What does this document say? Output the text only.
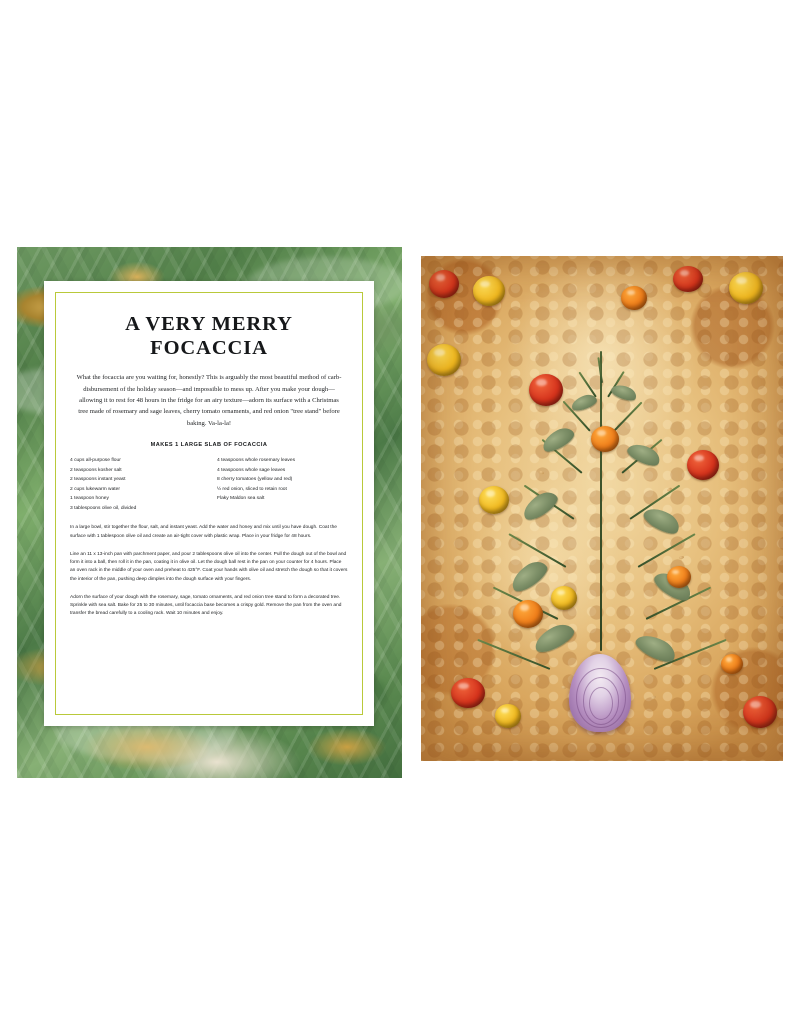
A VERY MERRY
FOCACCIA

What the focaccia are you waiting for, honestly? This is arguably the most beautiful method of carb-disbursement of the holiday season—and impossible to mess up. After you make your dough—allowing it to rest for 48 hours in the fridge for an airy texture—adorn its surface with a Christmas tree made of rosemary and sage leaves, cherry tomato ornaments, and red onion "tree stand" before baking. Va-la-la!

MAKES 1 LARGE SLAB OF FOCACCIA
4 cups all-purpose flour
2 teaspoons kosher salt
2 teaspoons instant yeast
2 cups lukewarm water
1 teaspoon honey
3 tablespoons olive oil, divided
4 teaspoons whole rosemary leaves
4 teaspoons whole sage leaves
8 cherry tomatoes (yellow and red)
½ red onion, sliced to retain root
Flaky Maldon sea salt

In a large bowl, stir together the flour, salt, and instant yeast. Add the water and honey and mix until you have dough. Coat the surface with 1 tablespoon olive oil and create an air-tight cover with plastic wrap. Place in your fridge for 48 hours.

Line an 11 x 13-inch pan with parchment paper, and pour 2 tablespoons olive oil into the center. Pull the dough out of the bowl and form it into a ball, then roll it in the pan, coating it in olive oil. Let the dough ball rest in the pan on your counter for 4 hours. Place an oven rack in the middle of your oven and preheat to 425°F. Coat your hands with olive oil and stretch the dough so that it covers the interior of the pan, pushing deep dimples into the dough surface with your fingers.

Adorn the surface of your dough with the rosemary, sage, tomato ornaments, and red onion tree stand to form a decorated tree. Sprinkle with sea salt. Bake for 25 to 30 minutes, until focaccia base becomes a crispy gold. Remove the pan from the oven and transfer the bread carefully to a cooling rack. Wait 10 minutes and enjoy.
